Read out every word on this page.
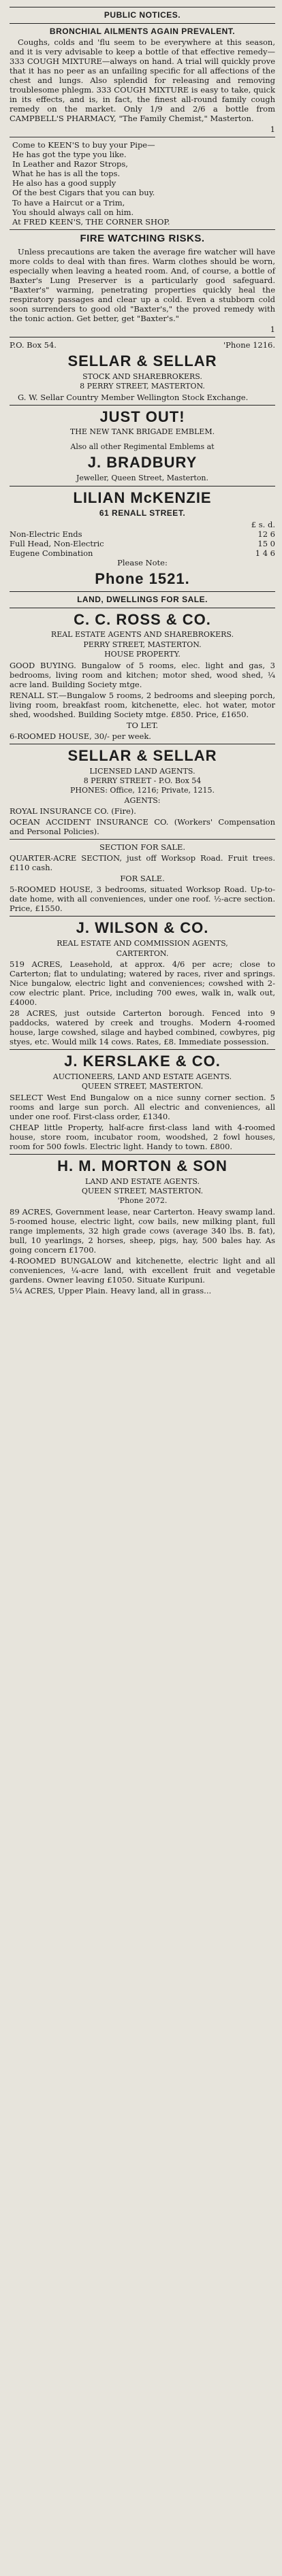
PUBLIC NOTICES.
BRONCHIAL AILMENTS AGAIN PREVALENT.

Coughs, colds and 'flu seem to be everywhere at this season, and it is very advisable to keep a bottle of that effective remedy—333 COUGH MIXTURE—always on hand. A trial will quickly prove that it has no peer as an unfailing specific for all affections of the chest and lungs. Also splendid for releasing and removing troublesome phlegm. 333 COUGH MIXTURE is easy to take, quick in its effects, and is, in fact, the finest all-round family cough remedy on the market. Only 1/9 and 2/6 a bottle from CAMPBELL'S PHARMACY, "The Family Chemist," Masterton.

1

Come to KEEN'S to buy your Pipe—

He has got the type you like.

In Leather and Razor Strops,

What he has is all the tops.

He also has a good supply

Of the best Cigars that you can buy.

To have a Haircut or a Trim,

You should always call on him.

At FRED KEEN'S, THE CORNER SHOP.

FIRE WATCHING RISKS.

Unless precautions are taken the average fire watcher will have more colds to deal with than fires. Warm clothes should be worn, especially when leaving a heated room. And, of course, a bottle of Baxter's Lung Preserver is a particularly good safeguard. "Baxter's" warming, penetrating properties quickly heal the respiratory passages and clear up a cold. Even a stubborn cold soon surrenders to good old "Baxter's," the proved remedy with the tonic action. Get better, get "Baxter's."

1
P.O. Box 54.	'Phone 1216.
SELLAR & SELLAR
STOCK AND SHAREBROKERS.
8 PERRY STREET, MASTERTON.

G. W. Sellar Country Member Wellington Stock Exchange.

JUST OUT!
THE NEW TANK BRIGADE EMBLEM.
Also all other Regimental Emblems at
J. BRADBURY
Jeweller, Queen Street, Masterton.
LILIAN McKENZIE
61 RENALL STREET.
£ s. d.
Non-Electric Ends	12 6
Full Head, Non-Electric	15 0
Eugene Combination	1 4 6
Please Note:
Phone 1521.
LAND, DWELLINGS FOR SALE.
C. C. ROSS & CO.
REAL ESTATE AGENTS AND SHAREBROKERS.
PERRY STREET, MASTERTON.
HOUSE PROPERTY.

GOOD BUYING. Bungalow of 5 rooms, elec. light and gas, 3 bedrooms, living room and kitchen; motor shed, wood shed, ¼ acre land. Building Society mtge.

RENALL ST.—Bungalow 5 rooms, 2 bedrooms and sleeping porch, living room, breakfast room, kitchenette, elec. hot water, motor shed, woodshed. Building Society mtge. £850. Price, £1650.

TO LET.

6-ROOMED HOUSE, 30/- per week.

SELLAR & SELLAR
LICENSED LAND AGENTS.
8 PERRY STREET - P.O. Box 54
PHONES: Office, 1216; Private, 1215.
AGENTS:

ROYAL INSURANCE CO. (Fire).

OCEAN ACCIDENT INSURANCE CO. (Workers' Compensation and Personal Policies).

SECTION FOR SALE.

QUARTER-ACRE SECTION, just off Worksop Road. Fruit trees. £110 cash.

FOR SALE.

5-ROOMED HOUSE, 3 bedrooms, situated Worksop Road. Up-to-date home, with all conveniences, under one roof. ½-acre section. Price, £1550.

J. WILSON & CO.
REAL ESTATE AND COMMISSION AGENTS,
CARTERTON.

519 ACRES, Leasehold, at approx. 4/6 per acre; close to Carterton; flat to undulating; watered by races, river and springs. Nice bungalow, electric light and conveniences; cowshed with 2-cow electric plant. Price, including 700 ewes, walk in, walk out, £4000.

28 ACRES, just outside Carterton borough. Fenced into 9 paddocks, watered by creek and troughs. Modern 4-roomed house, large cowshed, silage and haybed combined, cowbyres, pig styes, etc. Would milk 14 cows. Rates, £8. Immediate possession.

J. KERSLAKE & CO.
AUCTIONEERS, LAND AND ESTATE AGENTS.
QUEEN STREET, MASTERTON.

SELECT West End Bungalow on a nice sunny corner section. 5 rooms and large sun porch. All electric and conveniences, all under one roof. First-class order, £1340.

CHEAP little Property, half-acre first-class land with 4-roomed house, store room, incubator room, woodshed, 2 fowl houses, room for 500 fowls. Electric light. Handy to town. £800.

H. M. MORTON & SON
LAND AND ESTATE AGENTS.
QUEEN STREET, MASTERTON.
'Phone 2072.

89 ACRES, Government lease, near Carterton. Heavy swamp land. 5-roomed house, electric light, cow bails, new milking plant, full range implements, 32 high grade cows (average 340 lbs. B. fat), bull, 10 yearlings, 2 horses, sheep, pigs, hay, 500 bales hay. As going concern £1700.

4-ROOMED BUNGALOW and kitchenette, electric light and all conveniences, ¼-acre land, with excellent fruit and vegetable gardens. Owner leaving £1050. Situate Kuripuni.

5¼ ACRES, Upper Plain. Heavy land, all in grass...
